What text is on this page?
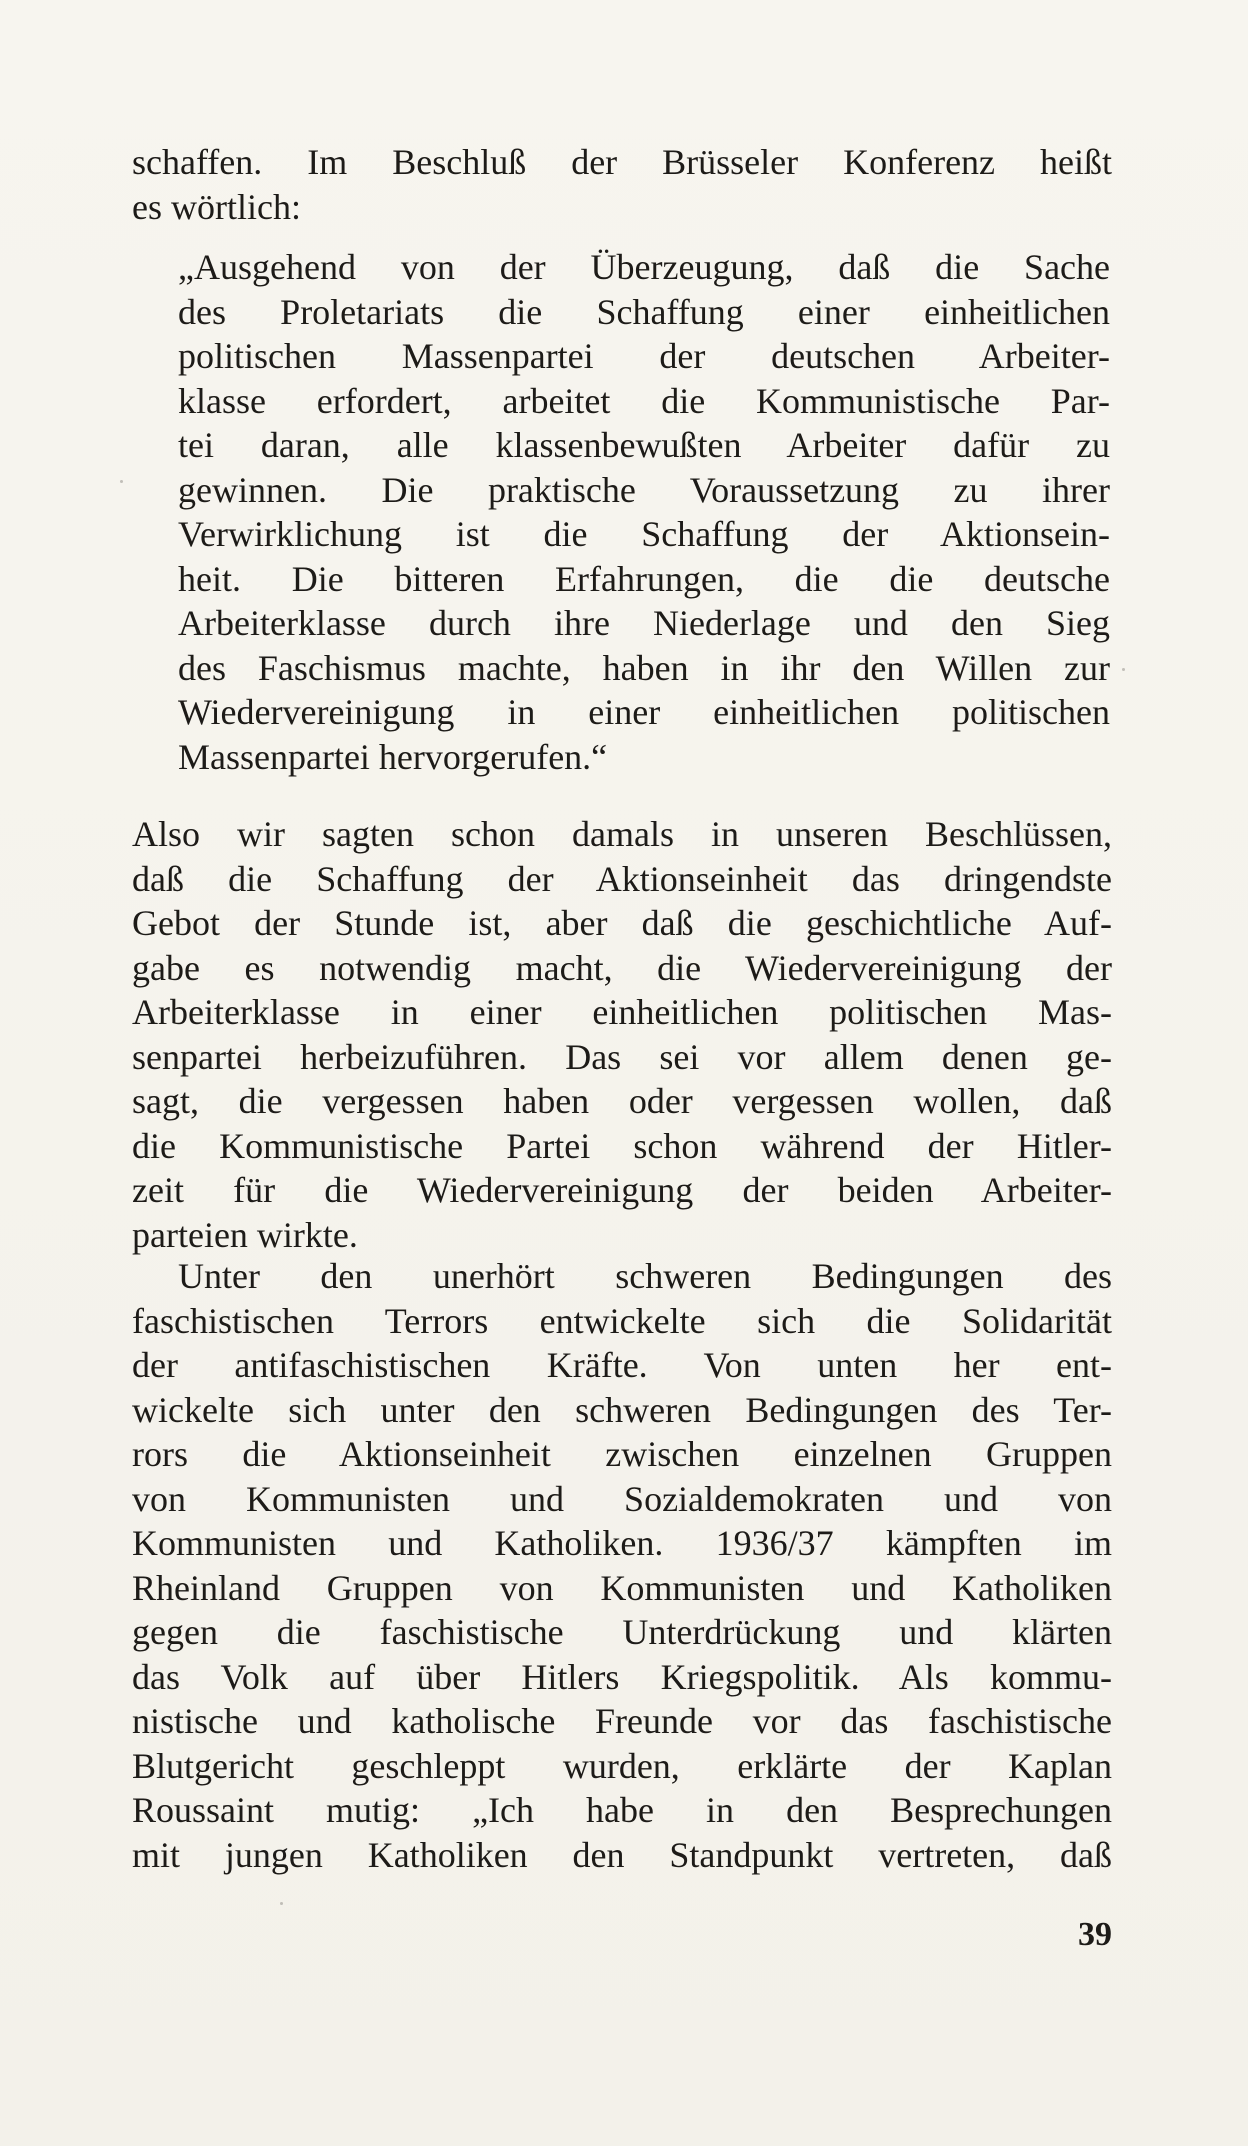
schaffen. Im Beschluß der Brüsseler Konferenz heißt
es wörtlich:
„Ausgehend von der Überzeugung, daß die Sache
des Proletariats die Schaffung einer einheitlichen
politischen Massenpartei der deutschen Arbeiter-
klasse erfordert, arbeitet die Kommunistische Par-
tei daran, alle klassenbewußten Arbeiter dafür zu
gewinnen. Die praktische Voraussetzung zu ihrer
Verwirklichung ist die Schaffung der Aktionsein-
heit. Die bitteren Erfahrungen, die die deutsche
Arbeiterklasse durch ihre Niederlage und den Sieg
des Faschismus machte, haben in ihr den Willen zur
Wiedervereinigung in einer einheitlichen politischen
Massenpartei hervorgerufen.“
Also wir sagten schon damals in unseren Beschlüssen,
daß die Schaffung der Aktionseinheit das dringendste
Gebot der Stunde ist, aber daß die geschichtliche Auf-
gabe es notwendig macht, die Wiedervereinigung der
Arbeiterklasse in einer einheitlichen politischen Mas-
senpartei herbeizuführen. Das sei vor allem denen ge-
sagt, die vergessen haben oder vergessen wollen, daß
die Kommunistische Partei schon während der Hitler-
zeit für die Wiedervereinigung der beiden Arbeiter-
parteien wirkte.
Unter den unerhört schweren Bedingungen des
faschistischen Terrors entwickelte sich die Solidarität
der antifaschistischen Kräfte. Von unten her ent-
wickelte sich unter den schweren Bedingungen des Ter-
rors die Aktionseinheit zwischen einzelnen Gruppen
von Kommunisten und Sozialdemokraten und von
Kommunisten und Katholiken. 1936/37 kämpften im
Rheinland Gruppen von Kommunisten und Katholiken
gegen die faschistische Unterdrückung und klärten
das Volk auf über Hitlers Kriegspolitik. Als kommu-
nistische und katholische Freunde vor das faschistische
Blutgericht geschleppt wurden, erklärte der Kaplan
Roussaint mutig: „Ich habe in den Besprechungen
mit jungen Katholiken den Standpunkt vertreten, daß
39
